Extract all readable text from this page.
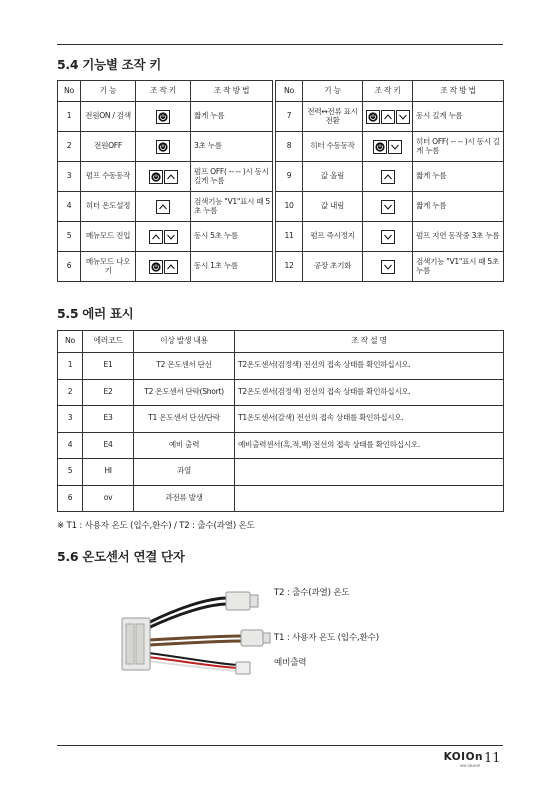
5.4 기능별 조작 키
No	기 능	조 작 키	조 작 방 법		No	기 능	조 작 키	조 작 방 법
1	전원ON / 검색		짧게 누름		7	전력↔전류 표시 전환		동시 길게 누름
2	전원OFF		3초 누름		8	히터 수동동작		히터 OFF( -- -- )시 동시 길게 누름
3	펌프 수동동작		펌프 OFF( -- -- )시 동시 길게 누름		9	값 올림		짧게 누름
4	히터 온도설정		검색기능 "V1"표시 때 5초 누름		10	값 내림		짧게 누름
5	메뉴모드 진입		동시 5초 누름		11	펌프 즉시정지		펌프 지연 동작중 3초 누름
6	메뉴모드 나오기		동시 1초 누름		12	공장 초기화		검색기능 "V1"표시 때 5초 누름
5.5 에러 표시
No	에러코드	이상 발생 내용	조 작 설 명
1	E1	T2 온도센서 단선	T2온도센서(검정색) 전선의 접속 상태를 확인하십시오.
2	E2	T2 온도센서 단락(Short)	T2온도센서(검정색) 전선의 접속 상태를 확인하십시오.
3	E3	T1 온도센서 단선/단락	T1온도센서(갈색) 전선의 접속 상태를 확인하십시오.
4	E4	예비 출력	예비출력센서(흑,적,백) 전선의 접속 상태를 확인하십시오.
5	HI	과열	
6	ov	과전류 발생	
※ T1 : 사용자 온도 (입수,환수) / T2 : 출수(과열) 온도
5.6 온도센서 연결 단자
T2 : 출수(과열) 온도
T1 : 사용자 온도 (입수,환수)
예비출력
KOIOn
KOI GROUP 11
